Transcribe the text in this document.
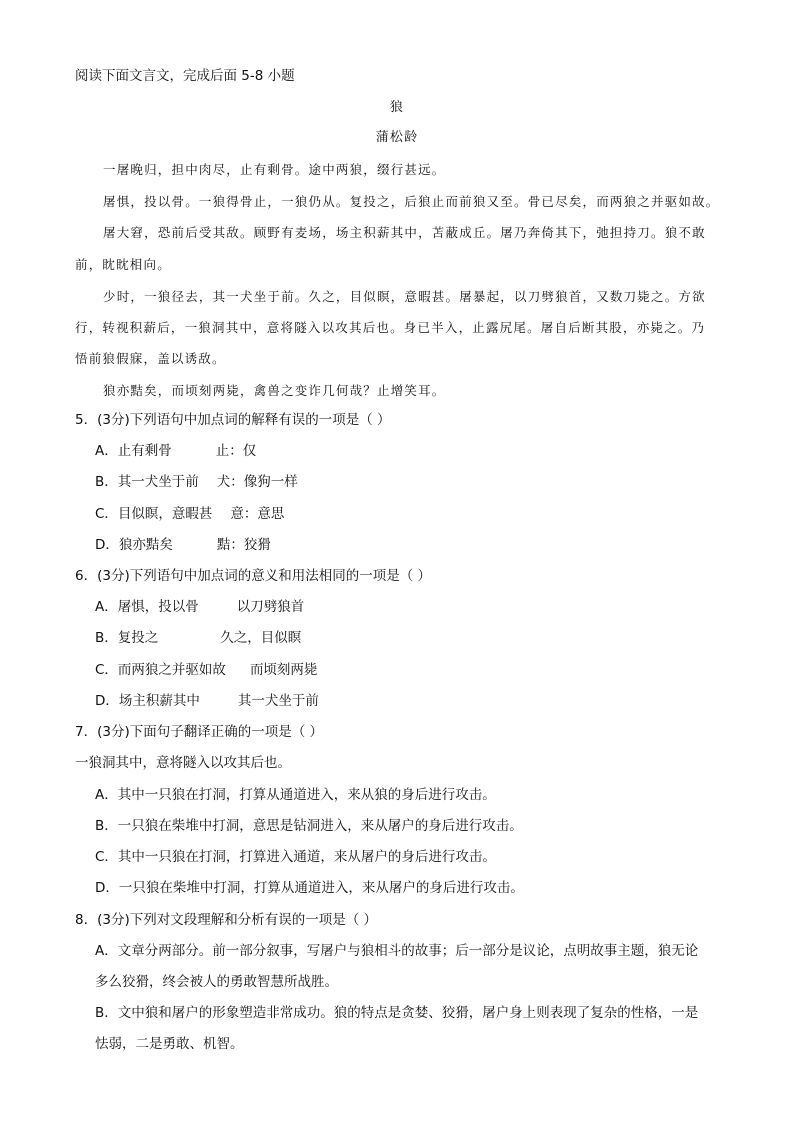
阅读下面文言文，完成后面 5-8 小题
狼
蒲松龄
一屠晚归，担中肉尽，止有剩骨。途中两狼，缀行甚远。
屠惧，投以骨。一狼得骨止，一狼仍从。复投之，后狼止而前狼又至。骨已尽矣，而两狼之并驱如故。
屠大窘，恐前后受其敌。顾野有麦场，场主积薪其中，苫蔽成丘。屠乃奔倚其下，弛担持刀。狼不敢
前，眈眈相向。
少时，一狼径去，其一犬坐于前。久之，目似瞑，意暇甚。屠暴起，以刀劈狼首，又数刀毙之。方欲
行，转视积薪后，一狼洞其中，意将隧入以攻其后也。身已半入，止露尻尾。屠自后断其股，亦毙之。乃
悟前狼假寐，盖以诱敌。
狼亦黠矣，而顷刻两毙，禽兽之变诈几何哉？止增笑耳。
5．(3分)下列语句中加点词的解释有误的一项是（ ）
A．止有剩骨	止：仅
B．其一犬坐于前 犬：像狗一样
C．目似瞑，意暇甚 意：意思
D．狼亦黠矣	黠：狡猾
6．(3分)下列语句中加点词的意义和用法相同的一项是（ ）
A．屠惧，投以骨	以刀劈狼首
B．复投之	久之，目似瞑
C．而两狼之并驱如故 而顷刻两毙
D．场主积薪其中	其一犬坐于前
7．(3分)下面句子翻译正确的一项是（ ）
一狼洞其中，意将隧入以攻其后也。
A．其中一只狼在打洞，打算从通道进入，来从狼的身后进行攻击。
B．一只狼在柴堆中打洞，意思是钻洞进入，来从屠户的身后进行攻击。
C．其中一只狼在打洞，打算进入通道，来从屠户的身后进行攻击。
D．一只狼在柴堆中打洞，打算从通道进入，来从屠户的身后进行攻击。
8．(3分)下列对文段理解和分析有误的一项是（ ）
A．文章分两部分。前一部分叙事，写屠户与狼相斗的故事；后一部分是议论，点明故事主题，狼无论
多么狡猾，终会被人的勇敢智慧所战胜。
B．文中狼和屠户的形象塑造非常成功。狼的特点是贪婪、狡猾，屠户身上则表现了复杂的性格，一是
怯弱，二是勇敢、机智。
